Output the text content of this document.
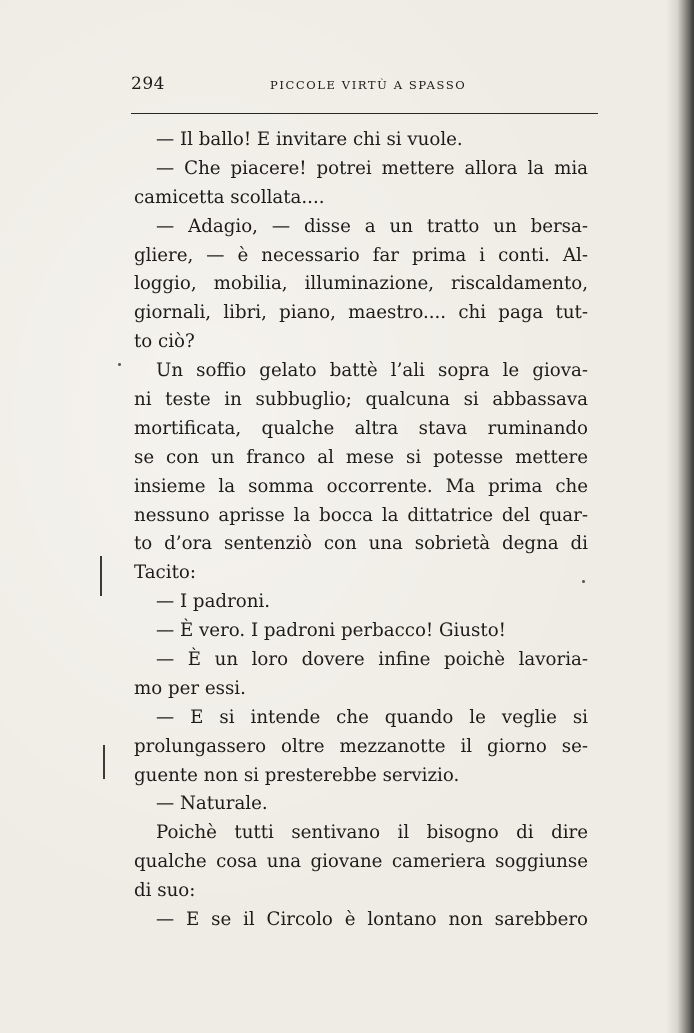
294	PICCOLE VIRTÙ A SPASSO
— Il ballo! E invitare chi si vuole.
— Che piacere! potrei mettere allora la mia
camicetta scollata....
— Adagio, — disse a un tratto un bersa-
gliere, — è necessario far prima i conti. Al-
loggio, mobilia, illuminazione, riscaldamento,
giornali, libri, piano, maestro.... chi paga tut-
to ciò?
Un soffio gelato battè l’ali sopra le giova-
ni teste in subbuglio; qualcuna si abbassava
mortificata, qualche altra stava ruminando
se con un franco al mese si potesse mettere
insieme la somma occorrente. Ma prima che
nessuno aprisse la bocca la dittatrice del quar-
to d’ora sentenziò con una sobrietà degna di
Tacito:
— I padroni.
— È vero. I padroni perbacco! Giusto!
— È un loro dovere infine poichè lavoria-
mo per essi.
— E si intende che quando le veglie si
prolungassero oltre mezzanotte il giorno se-
guente non si presterebbe servizio.
— Naturale.
Poichè tutti sentivano il bisogno di dire
qualche cosa una giovane cameriera soggiunse
di suo:
— E se il Circolo è lontano non sarebbero
